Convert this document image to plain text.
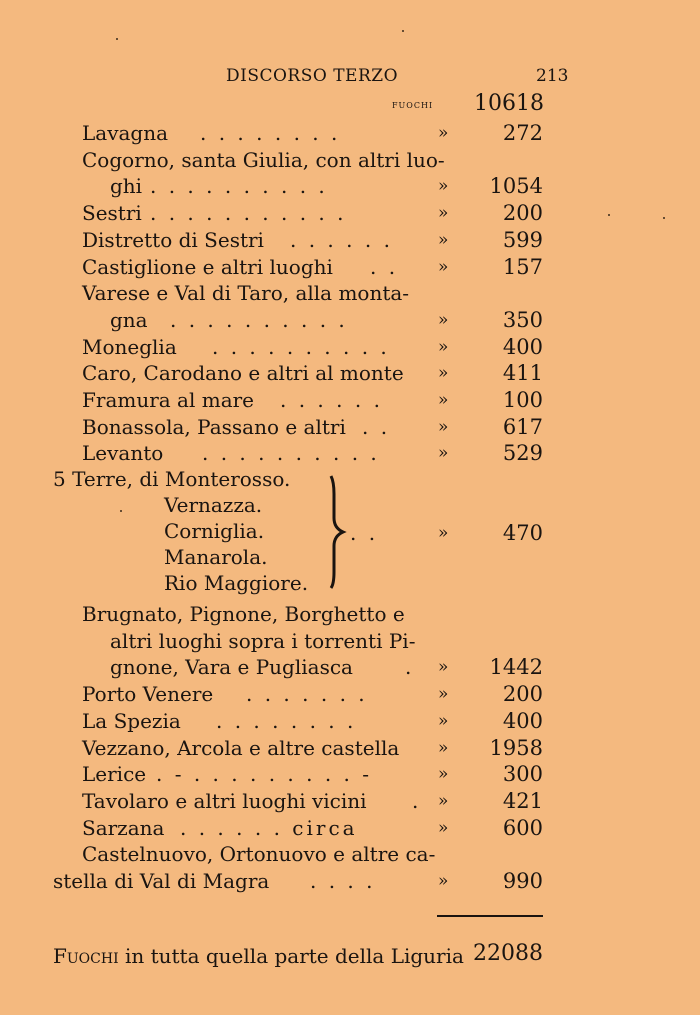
DISCORSO TERZO	213
fuochi 10618
Lavagna . . . . . . . .	»	272
Cogorno, santa Giulia, con altri luo-
ghi . . . . . . . . . .	» 1054
Sestri . . . . . . . . . . .	»	200
Distretto di Sestri . . . . . .	»	599
Castiglione e altri luoghi . . »	157
Varese e Val di Taro, alla monta-
gna . . . . . . . . . .	»	350
Moneglia . . . . . . . . . .	»	400
Caro, Carodano e altri al monte »	411
Framura al mare . . . . . .	»	100
Bonassola, Passano e altri . .	»	617
Levanto . . . . . . . . . .	»	529
5 Terre, di Monterosso.
Vernazza.
Corniglia.
Manarola.
Rio Maggiore.
. .	»	470
Brugnato, Pignone, Borghetto e
altri luoghi sopra i torrenti Pi-
gnone, Vara e Pugliasca	. » 1442
Porto Venere . . . . . . .	»	200
La Spezia . . . . . . . .	»	400
Vezzano, Arcola e altre castella » 1958
Lerice . - . . . . . . . . . -	»	300
Tavolaro e altri luoghi vicini . »	421
Sarzana . . . . . . circa	»	600
Castelnuovo, Ortonuovo e altre ca-
stella di Val di Magra . . . .	»	990
Fuochi in tutta quella parte della Liguria 22088
